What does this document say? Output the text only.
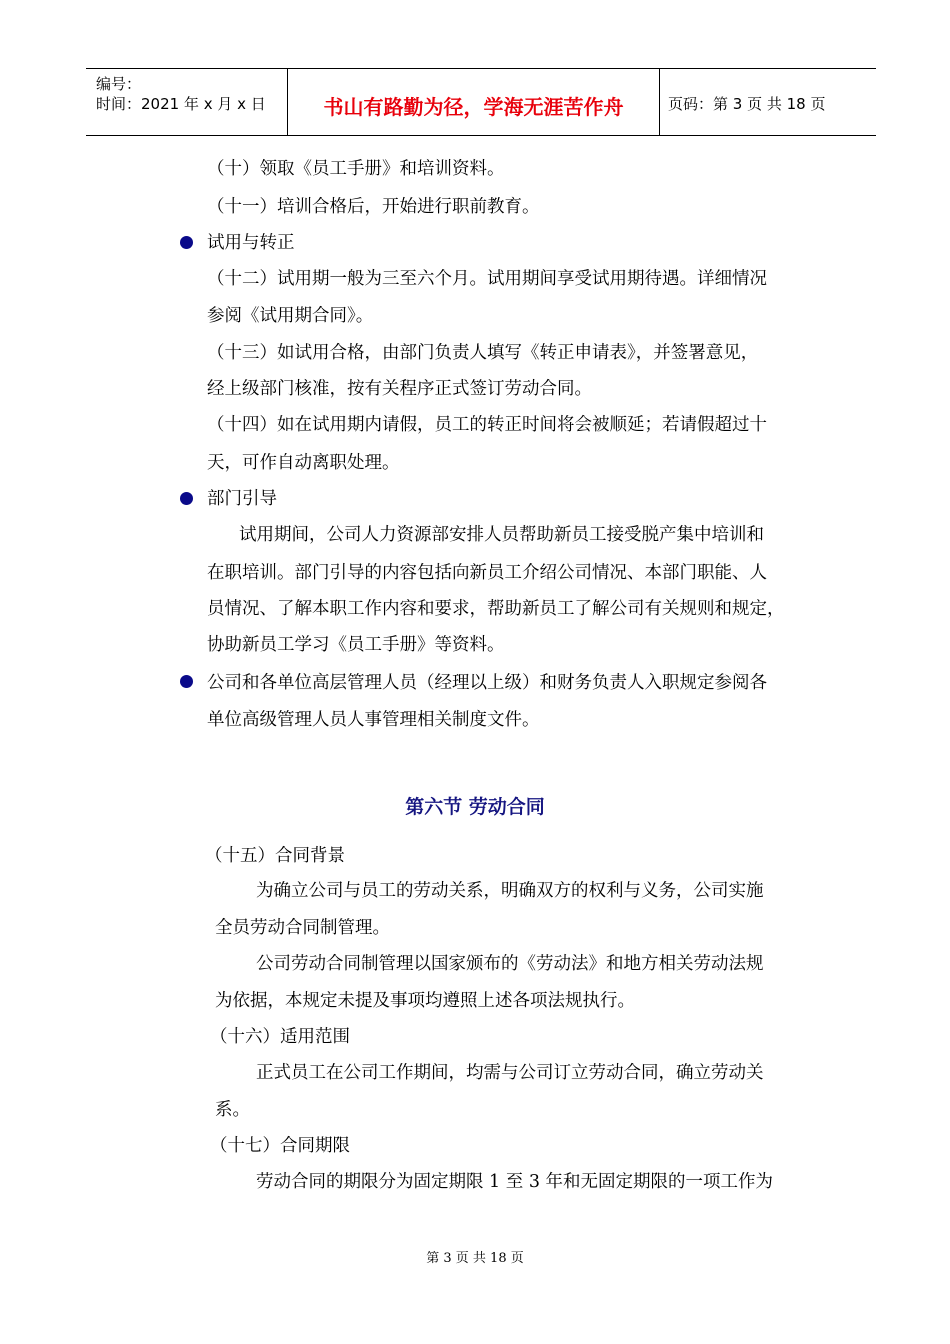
编号：
时间：2021 年 x 月 x 日	书山有路勤为径，学海无涯苦作舟	页码：第 3 页 共 18 页
（十）领取《员工手册》和培训资料。
（十一）培训合格后，开始进行职前教育。
试用与转正
（十二）试用期一般为三至六个月。试用期间享受试用期待遇。详细情况
参阅《试用期合同》。
（十三）如试用合格，由部门负责人填写《转正申请表》，并签署意见，
经上级部门核准，按有关程序正式签订劳动合同。
（十四）如在试用期内请假，员工的转正时间将会被顺延；若请假超过十
天，可作自动离职处理。
部门引导
试用期间，公司人力资源部安排人员帮助新员工接受脱产集中培训和
在职培训。部门引导的内容包括向新员工介绍公司情况、本部门职能、人
员情况、了解本职工作内容和要求，帮助新员工了解公司有关规则和规定，
协助新员工学习《员工手册》等资料。
公司和各单位高层管理人员（经理以上级）和财务负责人入职规定参阅各
单位高级管理人员人事管理相关制度文件。
第六节 劳动合同
（十五）合同背景
为确立公司与员工的劳动关系，明确双方的权利与义务，公司实施
全员劳动合同制管理。
公司劳动合同制管理以国家颁布的《劳动法》和地方相关劳动法规
为依据，本规定未提及事项均遵照上述各项法规执行。
（十六）适用范围
正式员工在公司工作期间，均需与公司订立劳动合同，确立劳动关
系。
（十七）合同期限
劳动合同的期限分为固定期限 1 至 3 年和无固定期限的一项工作为
第 3 页 共 18 页
